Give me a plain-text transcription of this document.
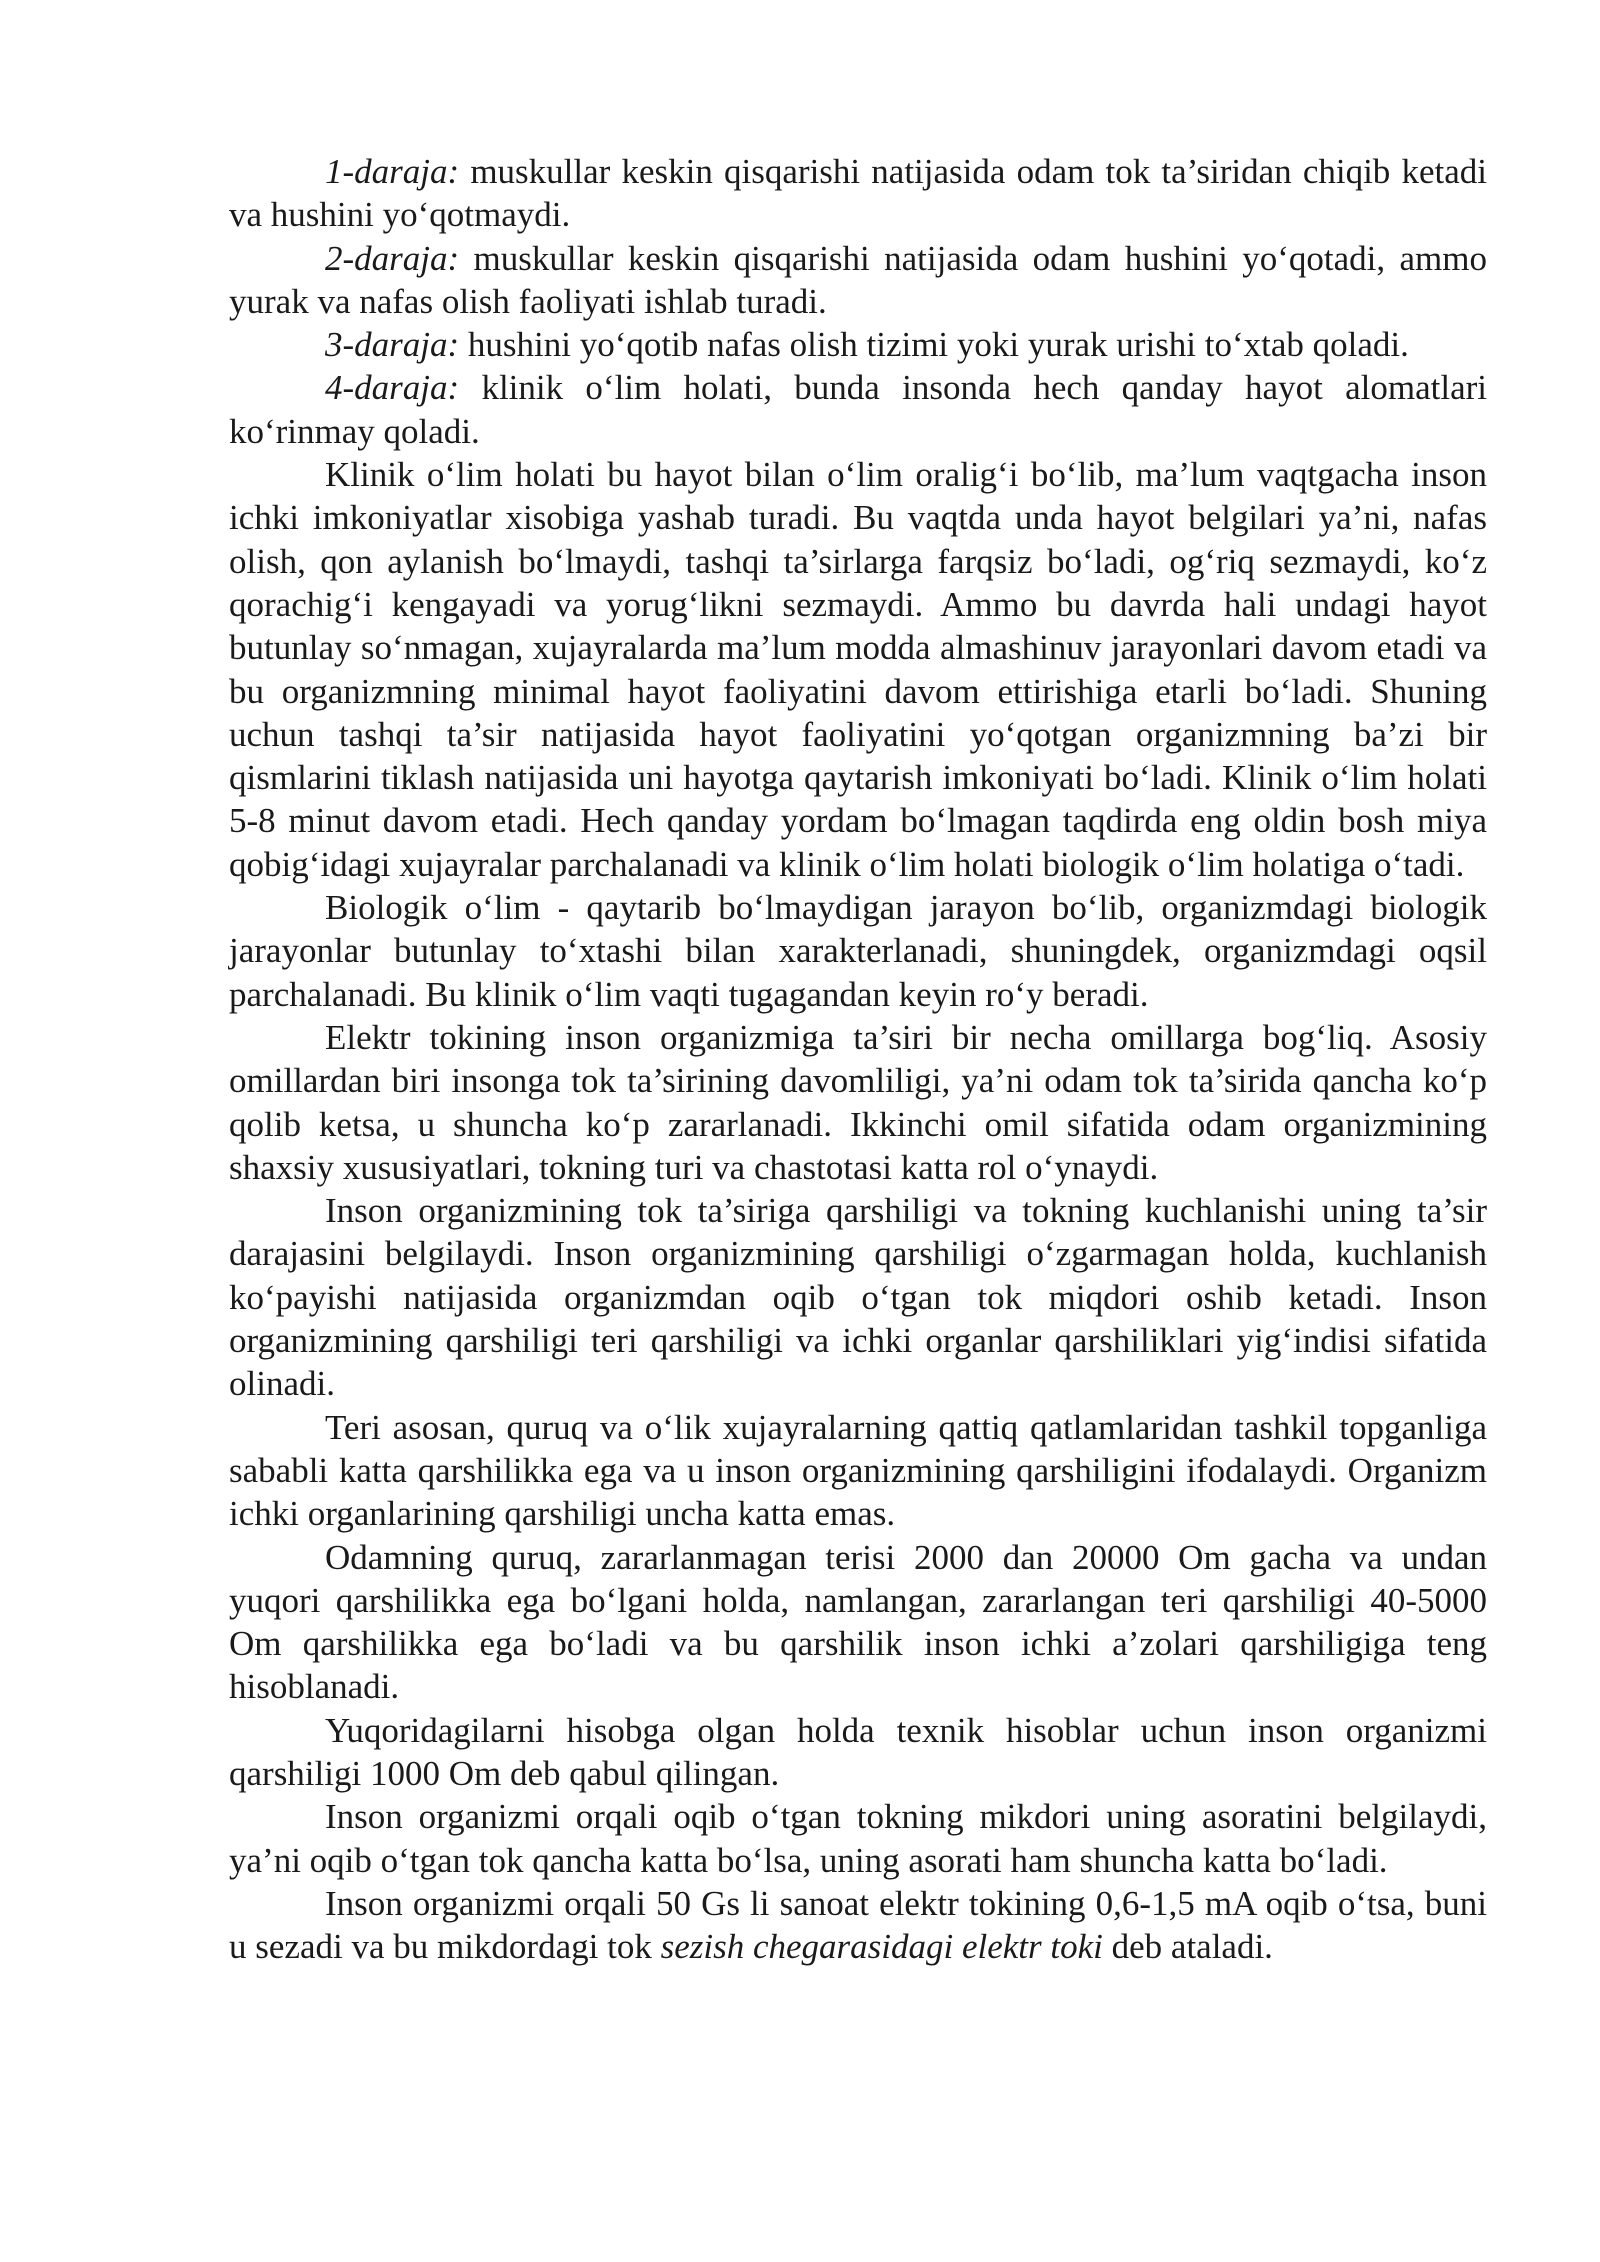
1-daraja: muskullar keskin qisqarishi natijasida odam tok ta’siridan chiqib ketadi va hushini yo‘qotmaydi.

2-daraja: muskullar keskin qisqarishi natijasida odam hushini yo‘qotadi, ammo yurak va nafas olish faoliyati ishlab turadi.

3-daraja: hushini yo‘qotib nafas olish tizimi yoki yurak urishi to‘xtab qoladi.

4-daraja: klinik o‘lim holati, bunda insonda hech qanday hayot alomatlari ko‘rinmay qoladi.

Klinik o‘lim holati bu hayot bilan o‘lim oralig‘i bo‘lib, ma’lum vaqtgacha inson ichki imkoniyatlar xisobiga yashab turadi. Bu vaqtda unda hayot belgilari ya’ni, nafas olish, qon aylanish bo‘lmaydi, tashqi ta’sirlarga farqsiz bo‘ladi, og‘riq sezmaydi, ko‘z qorachig‘i kengayadi va yorug‘likni sezmaydi. Ammo bu davrda hali undagi hayot butunlay so‘nmagan, xujayralarda ma’lum modda almashinuv jarayonlari davom etadi va bu organizmning minimal hayot faoliyatini davom ettirishiga etarli bo‘ladi. Shuning uchun tashqi ta’sir natijasida hayot faoliyatini yo‘qotgan organizmning ba’zi bir qismlarini tiklash natijasida uni hayotga qaytarish imkoniyati bo‘ladi. Klinik o‘lim holati 5-8 minut davom etadi. Hech qanday yordam bo‘lmagan taqdirda eng oldin bosh miya qobig‘idagi xujayralar parchalanadi va klinik o‘lim holati biologik o‘lim holatiga o‘tadi.

Biologik o‘lim - qaytarib bo‘lmaydigan jarayon bo‘lib, organizmdagi biologik jarayonlar butunlay to‘xtashi bilan xarakterlanadi, shuningdek, organizmdagi oqsil parchalanadi. Bu klinik o‘lim vaqti tugagandan keyin ro‘y beradi.

Elektr tokining inson organizmiga ta’siri bir necha omillarga bog‘liq. Asosiy omillardan biri insonga tok ta’sirining davomliligi, ya’ni odam tok ta’sirida qancha ko‘p qolib ketsa, u shuncha ko‘p zararlanadi. Ikkinchi omil sifatida odam organizmining shaxsiy xususiyatlari, tokning turi va chastotasi katta rol o‘ynaydi.

Inson organizmining tok ta’siriga qarshiligi va tokning kuchlanishi uning ta’sir darajasini belgilaydi. Inson organizmining qarshiligi o‘zgarmagan holda, kuchlanish ko‘payishi natijasida organizmdan oqib o‘tgan tok miqdori oshib ketadi. Inson organizmining qarshiligi teri qarshiligi va ichki organlar qarshiliklari yig‘indisi sifatida olinadi.

Teri asosan, quruq va o‘lik xujayralarning qattiq qatlamlaridan tashkil topganliga sababli katta qarshilikka ega va u inson organizmining qarshiligini ifodalaydi. Organizm ichki organlarining qarshiligi uncha katta emas.

Odamning quruq, zararlanmagan terisi 2000 dan 20000 Om gacha va undan yuqori qarshilikka ega bo‘lgani holda, namlangan, zararlangan teri qarshiligi 40-5000 Om qarshilikka ega bo‘ladi va bu qarshilik inson ichki a’zolari qarshiligiga teng hisoblanadi.

Yuqoridagilarni hisobga olgan holda texnik hisoblar uchun inson organizmi qarshiligi 1000 Om deb qabul qilingan.

Inson organizmi orqali oqib o‘tgan tokning mikdori uning asoratini belgilaydi, ya’ni oqib o‘tgan tok qancha katta bo‘lsa, uning asorati ham shuncha katta bo‘ladi.

Inson organizmi orqali 50 Gs li sanoat elektr tokining 0,6-1,5 mA oqib o‘tsa, buni u sezadi va bu mikdordagi tok sezish chegarasidagi elektr toki deb ataladi.
